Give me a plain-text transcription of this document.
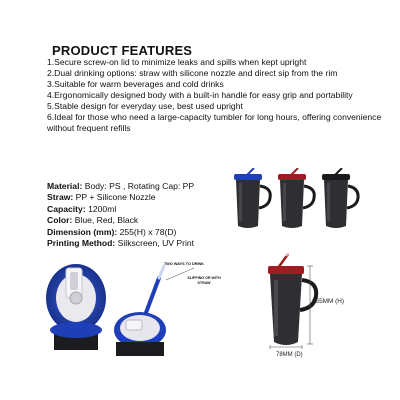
PRODUCT FEATURES
1.Secure screw-on lid to minimize leaks and spills when kept upright
2.Dual drinking options: straw with silicone nozzle and direct sip from the rim
3.Suitable for warm beverages and cold drinks
4.Ergonomically designed body with a built-in handle for easy grip and portability
5.Stable design for everyday use, best used upright
6.Ideal for those who need a large-capacity tumbler for long hours, offering convenience without frequent refills
Material: Body: PS , Rotating Cap: PP
Straw: PP + Silicone Nozzle
Capacity: 1200ml
Color: Blue, Red, Black
Dimension (mm): 255(H) x 78(D)
Printing Method: Silkscreen, UV Print
TWO WAYS TO DRINK
SLIPPING OR WITH
STRAW
255MM (H)
78MM (D)
